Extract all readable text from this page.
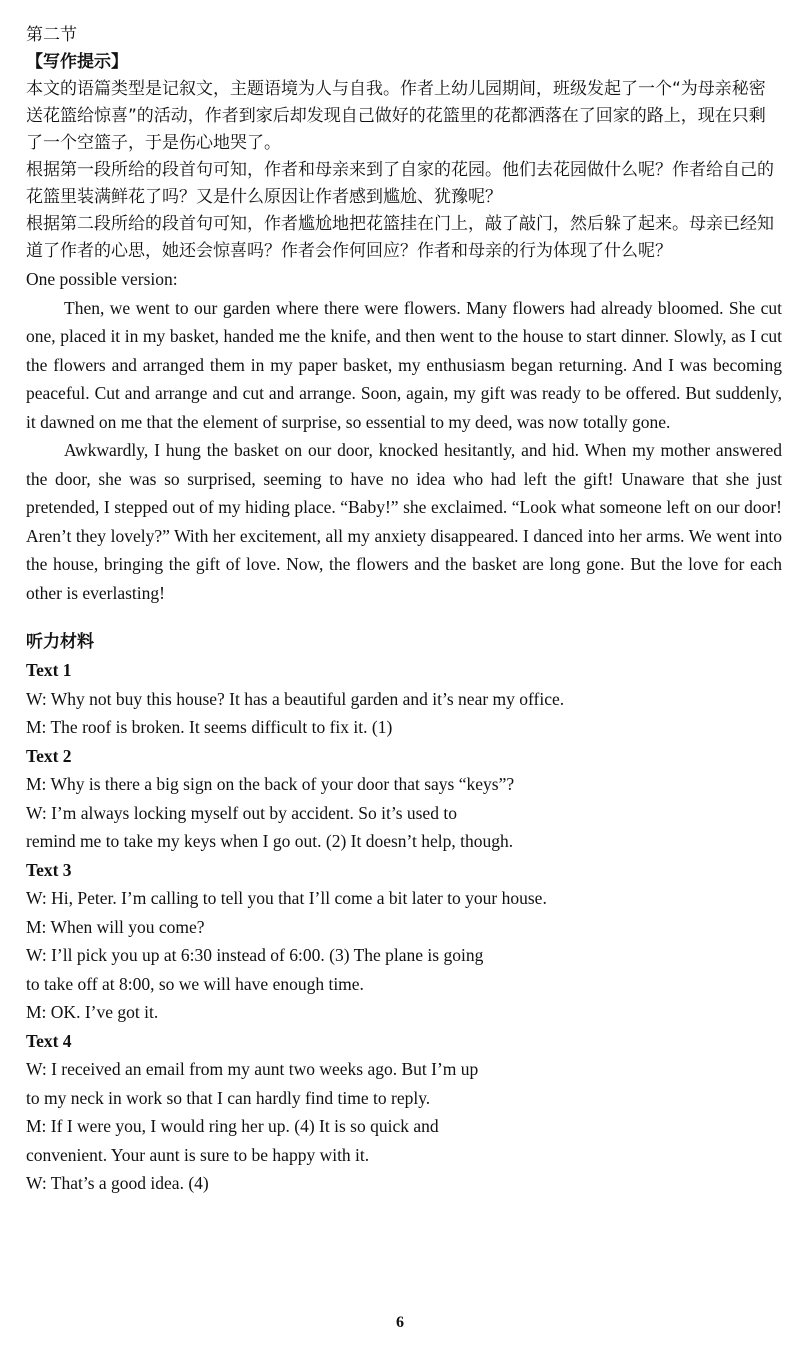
第二节

【写作提示】

本文的语篇类型是记叙文，主题语境为人与自我。作者上幼儿园期间，班级发起了一个“为母亲秘密送花篮给惊喜”的活动，作者到家后却发现自己做好的花篮里的花都洒落在了回家的路上，现在只剩了一个空篮子，于是伤心地哭了。

根据第一段所给的段首句可知，作者和母亲来到了自家的花园。他们去花园做什么呢？作者给自己的花篮里装满鲜花了吗？又是什么原因让作者感到尴尬、犹豫呢？

根据第二段所给的段首句可知，作者尴尬地把花篮挂在门上，敲了敲门，然后躲了起来。母亲已经知道了作者的心思，她还会惊喜吗？作者会作何回应？作者和母亲的行为体现了什么呢？

One possible version:

Then, we went to our garden where there were flowers. Many flowers had already bloomed. She cut one, placed it in my basket, handed me the knife, and then went to the house to start dinner. Slowly, as I cut the flowers and arranged them in my paper basket, my enthusiasm began returning. And I was becoming peaceful. Cut and arrange and cut and arrange. Soon, again, my gift was ready to be offered. But suddenly, it dawned on me that the element of surprise, so essential to my deed, was now totally gone.

Awkwardly, I hung the basket on our door, knocked hesitantly, and hid. When my mother answered the door, she was so surprised, seeming to have no idea who had left the gift! Unaware that she just pretended, I stepped out of my hiding place. “Baby!” she exclaimed. “Look what someone left on our door! Aren’t they lovely?” With her excitement, all my anxiety disappeared. I danced into her arms. We went into the house, bringing the gift of love. Now, the flowers and the basket are long gone. But the love for each other is everlasting!

听力材料

Text 1

W: Why not buy this house? It has a beautiful garden and it’s near my office.

M: The roof is broken. It seems difficult to fix it. (1)

Text 2

M: Why is there a big sign on the back of your door that says “keys”?

W: I’m always locking myself out by accident. So it’s used to

remind me to take my keys when I go out. (2) It doesn’t help, though.

Text 3

W: Hi, Peter. I’m calling to tell you that I’ll come a bit later to your house.

M: When will you come?

W: I’ll pick you up at 6:30 instead of 6:00. (3) The plane is going

to take off at 8:00, so we will have enough time.

M: OK. I’ve got it.

Text 4

W: I received an email from my aunt two weeks ago. But I’m up

to my neck in work so that I can hardly find time to reply.

M: If I were you, I would ring her up. (4) It is so quick and

convenient. Your aunt is sure to be happy with it.

W: That’s a good idea. (4)

6
